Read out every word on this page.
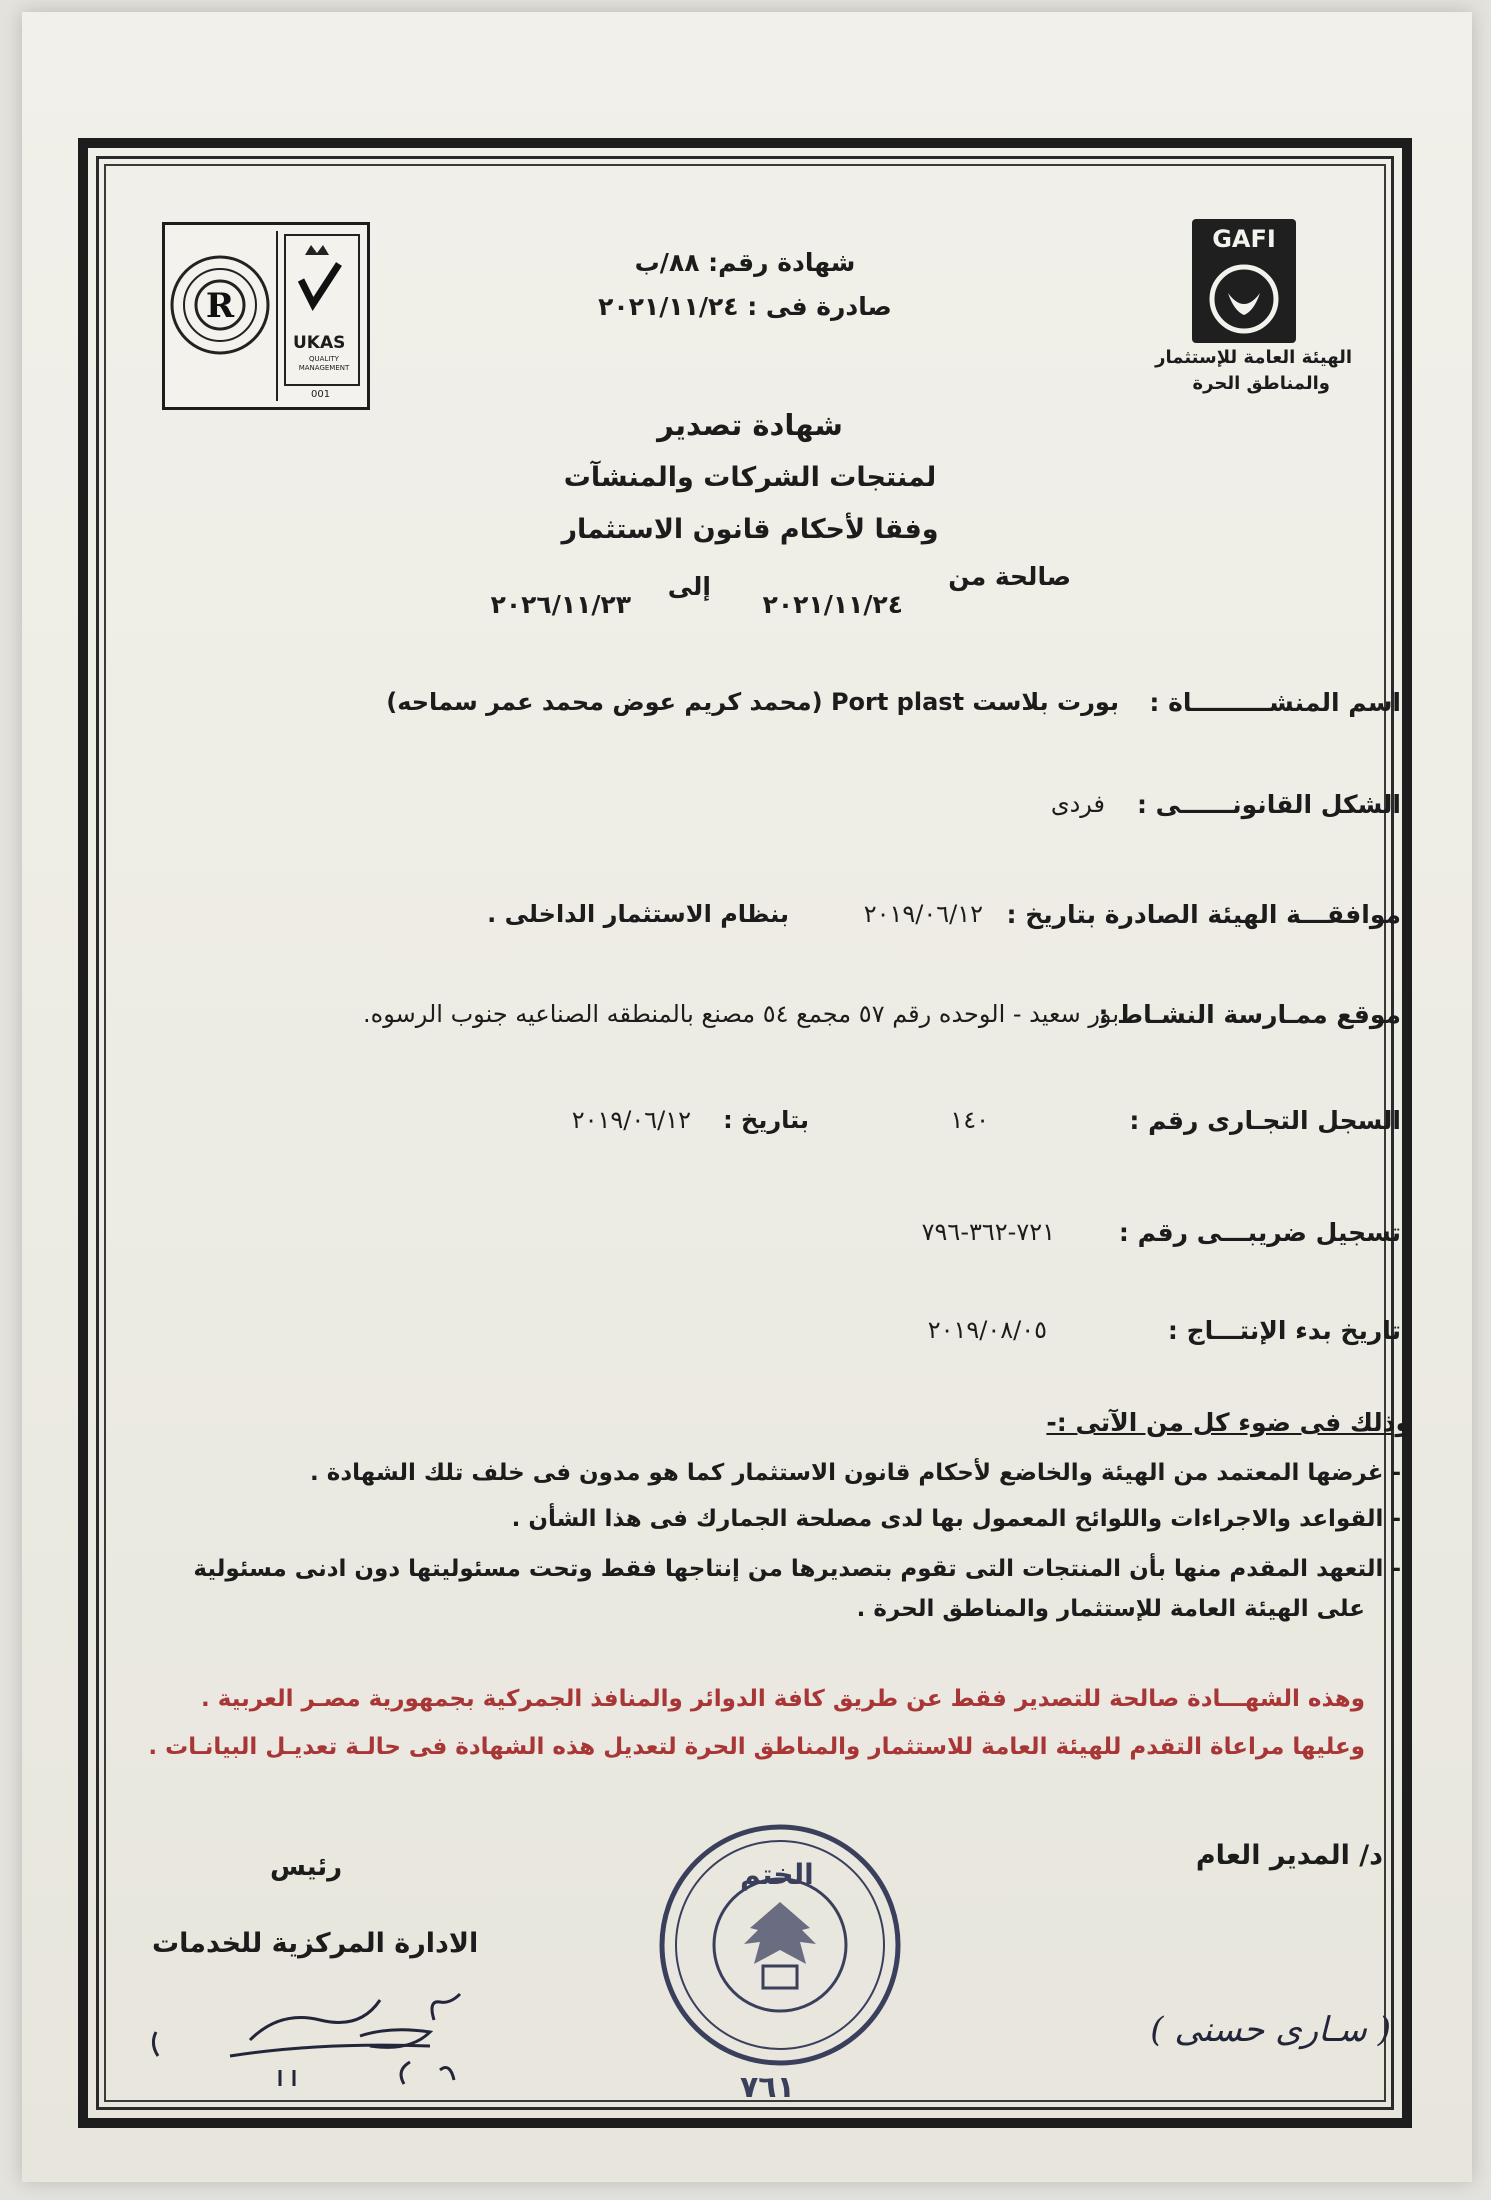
R
UKAS
QUALITY MANAGEMENT
001
GAFI
الهيئة العامة للإستثمار
والمناطق الحرة
شهادة رقم: ٨٨/ب
صادرة فى : ٢٠٢١/١١/٢٤
شهادة تصدير
لمنتجات الشركات والمنشآت
وفقا لأحكام قانون الاستثمار
صالحة من
٢٠٢١/١١/٢٤
إلى
٢٠٢٦/١١/٢٣
اسم المنشـــــــــاة :
بورت بلاست Port plast (محمد كريم عوض محمد عمر سماحه)
الشكل القانونــــــى :
فردى
موافقـــة الهيئة الصادرة بتاريخ :
٢٠١٩/٠٦/١٢
بنظام الاستثمار الداخلى .
موقع ممـارسة النشـاط :
بور سعيد - الوحده رقم ٥٧ مجمع ٥٤ مصنع بالمنطقه الصناعيه جنوب الرسوه.
السجل التجـارى رقم :
١٤٠
بتاريخ :
٢٠١٩/٠٦/١٢
تسجيل ضريبـــى رقم :
٧٢١-٣٦٢-٧٩٦
تاريخ بدء الإنتـــاج :
٢٠١٩/٠٨/٠٥
وذلك فى ضوء كل من الآتى :-
- غرضها المعتمد من الهيئة والخاضع لأحكام قانون الاستثمار كما هو مدون فى خلف تلك الشهادة .
- القواعد والاجراءات واللوائح المعمول بها لدى مصلحة الجمارك فى هذا الشأن .
- التعهد المقدم منها بأن المنتجات التى تقوم بتصديرها من إنتاجها فقط وتحت مسئوليتها دون ادنى مسئولية
على الهيئة العامة للإستثمار والمناطق الحرة .
وهذه الشهـــادة صالحة للتصدير فقط عن طريق كافة الدوائر والمنافذ الجمركية بجمهورية مصـر العربية .
وعليها مراعاة التقدم للهيئة العامة للاستثمار والمناطق الحرة لتعديل هذه الشهادة فى حالـة تعديـل البيانـات .
د/ المدير العام
( سـارى حسنى )
الختم
٧٦١
رئيس
الادارة المركزية للخدمات
